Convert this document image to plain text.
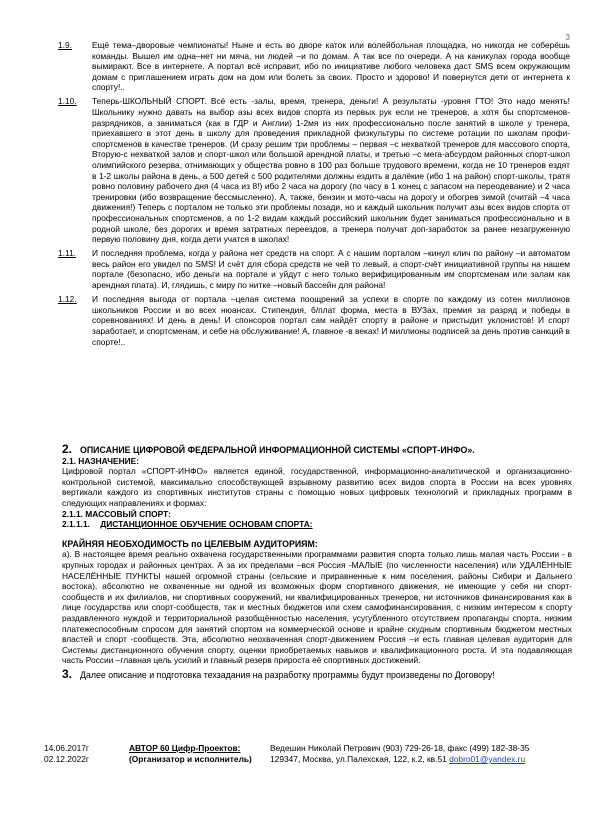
3
1.9.	Ещё тема–дворовые чемпионаты! Ныне и есть во дворе каток или волейбольная площадка, но никогда не соберёшь команды. Вышел им одна–нет ни мяча, ни людей –и по домам. А так все по очереди. А на каникулах города вообще вымирают. Все в интернете. А портал всё исправит, ибо по инициативе любого человека даст SMS всем окружающим домам с приглашением играть дом на дом или болеть за своих. Просто и здорово! И повернутся дети от интернета к спорту!..
1.10.	Теперь-ШКОЛЬНЫЙ СПОРТ. Всё есть -залы, время, тренера, деньги! А результаты -уровня ГТО! Это надо менять! Школьнику нужно давать на выбор азы всех видов спорта из первых рук если не тренеров, а хотя бы спортсменов-разрядников, а заниматься (как в ГДР и Англии) 1-2мя из них профессионально после занятий в школе у тренера, приехавшего в этот день в школу для проведения прикладной физкультуры по системе ротации по школам профи-спортсменов в качестве тренеров. (И сразу решим три проблемы – первая –с нехваткой тренеров для массового спорта, Вторую-с нехваткой залов и спорт-школ или большой арендной платы, и третью –с мега-абсурдом районных спорт-школ олимпийского резерва, отнимающих у общества ровно в 100 раз больше трудового времени, когда не 10 тренеров ездят в 1-2 школы района в день, а 500 детей с 500 родителями должны ездить в далёкие (ибо 1 на район) спорт-школы, тратя ровно половину рабочего дня (4 часа из 8!) ибо 2 часа на дорогу (по часу в 1 конец с запасом на переодевание) и 2 часа тренировки (ибо возвращение бессмысленно). А, также, бензин и мото-часы на дорогу и обогрев зимой (считай –4 часа движения!) Теперь с порталом не только эти проблемы позади, но и каждый школьник получит азы всех видов спорта от профессиональных спортсменов, а по 1-2 видам каждый российский школьник будет заниматься профессионально и в родной школе, без дорогих и время затратных переездов, а тренера получат доп-заработок за ранее незагруженную первую половину дня, когда дети учатся в школах!
1.11.	И последняя проблема, когда у района нет средств на спорт. А с нашим порталом –кинул клич по району –и автоматом весь район его увидел по SMS! И счёт для сбора средств не чей то левый, а спорт-счёт инициативной группы на нашем портале (безопасно, ибо деньги на портале и уйдут с него только верифицированным им спортсменам или залам как арендная плата). И, глядишь, с миру по нитке –новый бассейн для района!
1.12.	И последняя выгода от портала –целая система поощрений за успехи в спорте по каждому из сотен миллионов школьников России и во всех нюансах. Стипендия, б/плат форма, места в ВУЗах, премия за разряд и победы в соревнованиях! И день в день! И спонсоров портал сам найдёт спорту в районе и пристыдит уклонистов! И спорт заработает, и спортсменам, и себе на обслуживание! А, главное -в веках! И миллионы подписей за день против санкций в спорте!..
2. ОПИСАНИЕ ЦИФРОВОЙ ФЕДЕРАЛЬНОЙ ИНФОРМАЦИОННОЙ СИСТЕМЫ «СПОРТ-ИНФО».
2.1. НАЗНАЧЕНИЕ:
Цифровой портал «СПОРТ-ИНФО» является единой, государственной, информационно-аналитической и организационно-контрольной системой, максимально способствующей взрывному развитию всех видов спорта в России на всех уровнях вертикали каждого из спортивных институтов страны с помощью новых цифровых технологий и прикладных программ в следующих направлениях и формах:
2.1.1. МАССОВЫЙ СПОРТ:
2.1.1.1. ДИСТАНЦИОННОЕ ОБУЧЕНИЕ ОСНОВАМ СПОРТА:
КРАЙНЯЯ НЕОБХОДИМОСТЬ по ЦЕЛЕВЫМ АУДИТОРИЯМ:
а). В настоящее время реально охвачена государственными программами развития спорта только лишь малая часть России - в крупных городах и районных центрах. А за их пределами –вся Россия -МАЛЫЕ (по численности населения) или УДАЛЁННЫЕ НАСЕЛЁННЫЕ ПУНКТЫ нашей огромной страны (сельские и приравненные к ним поселения, районы Сибири и Дальнего востока), абсолютно не охваченные ни одной из возможных форм спортивного движения, не имеющие у себя ни спорт- сообществ и их филиалов, ни спортивных сооружений, ни квалифицированных тренеров, ни источников финансирования как в лице государства или спорт-сообществ, так и местных бюджетов или схем самофинансирования, с низким интересом к спорту раздавленного нуждой и территориальной разобщённостью населения, усугубленного отсутствием пропаганды спорта, низким платежеспособным спросом для занятий спортом на коммерческой основе и крайне скудным спортивным бюджетом местных властей и спорт -сообществ. Эта, абсолютно неохваченная спорт-движением Россия –и есть главная целевая аудитория для Системы дистанционного обучения спорту, оценки приобретаемых навыков и квалификационного роста. И эта подавляющая часть России –главная цель усилий и главный резерв прироста её спортивных достижений.
3. Далее описание и подготовка техзадания на разработку программы будут произведены по Договору!
14.06.2017г
02.12.2022г
АВТОР 60 Цифр-Проектов:
(Организатор и исполнитель)
Ведешин Николай Петрович (903) 729-26-18, факс (499) 182-38-35
129347, Москва, ул.Палехская, 122, к.2, кв.51 dobro01@yandex.ru
